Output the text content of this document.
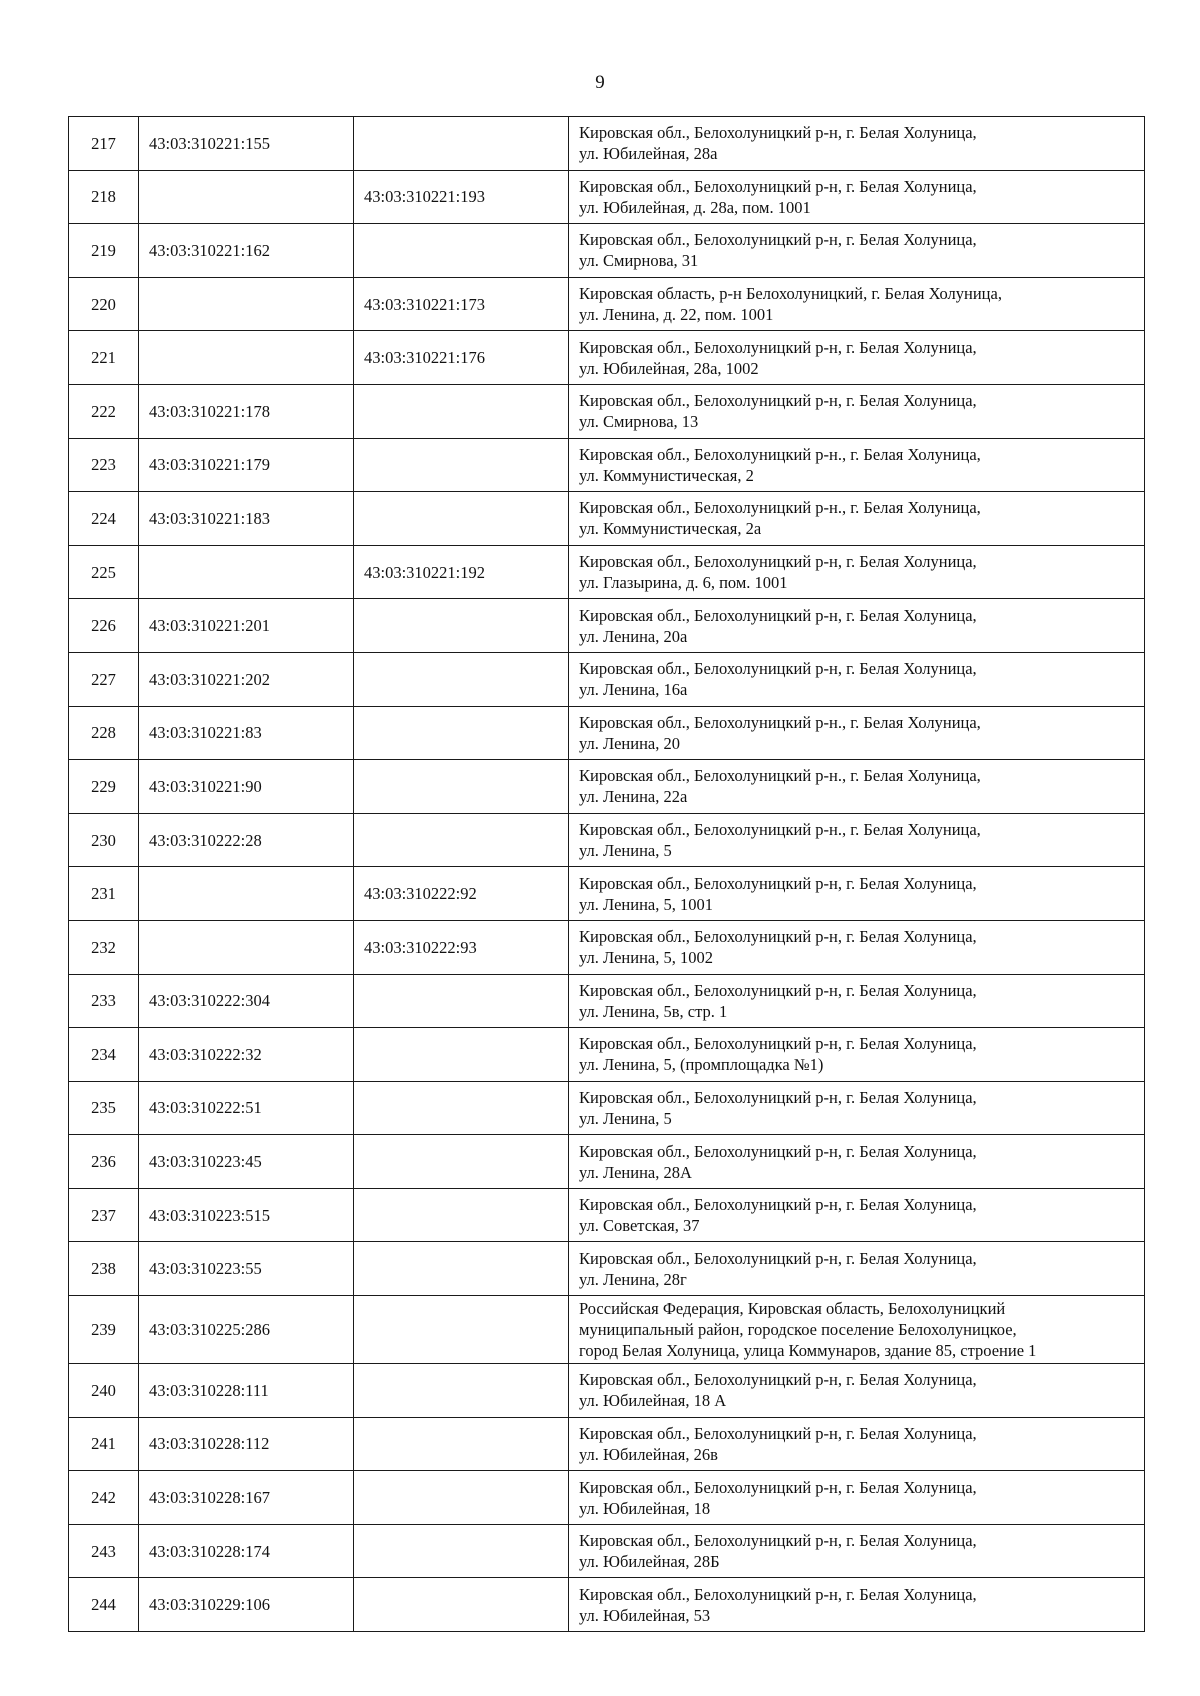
9
217	43:03:310221:155		Кировская обл., Белохолуницкий р-н, г. Белая Холуница,
ул. Юбилейная, 28а

218		43:03:310221:193	Кировская обл., Белохолуницкий р-н, г. Белая Холуница,
ул. Юбилейная, д. 28а, пом. 1001

219	43:03:310221:162		Кировская обл., Белохолуницкий р-н, г. Белая Холуница,
ул. Смирнова, 31

220		43:03:310221:173	Кировская область, р-н Белохолуницкий, г. Белая Холуница,
ул. Ленина, д. 22, пом. 1001

221		43:03:310221:176	Кировская обл., Белохолуницкий р-н, г. Белая Холуница,
ул. Юбилейная, 28а, 1002

222	43:03:310221:178		Кировская обл., Белохолуницкий р-н, г. Белая Холуница,
ул. Смирнова, 13

223	43:03:310221:179		Кировская обл., Белохолуницкий р-н., г. Белая Холуница,
ул. Коммунистическая, 2

224	43:03:310221:183		Кировская обл., Белохолуницкий р-н., г. Белая Холуница,
ул. Коммунистическая, 2а

225		43:03:310221:192	Кировская обл., Белохолуницкий р-н, г. Белая Холуница,
ул. Глазырина, д. 6, пом. 1001

226	43:03:310221:201		Кировская обл., Белохолуницкий р-н, г. Белая Холуница,
ул. Ленина, 20а

227	43:03:310221:202		Кировская обл., Белохолуницкий р-н, г. Белая Холуница,
ул. Ленина, 16а

228	43:03:310221:83		Кировская обл., Белохолуницкий р-н., г. Белая Холуница,
ул. Ленина, 20

229	43:03:310221:90		Кировская обл., Белохолуницкий р-н., г. Белая Холуница,
ул. Ленина, 22а

230	43:03:310222:28		Кировская обл., Белохолуницкий р-н., г. Белая Холуница,
ул. Ленина, 5

231		43:03:310222:92	Кировская обл., Белохолуницкий р-н, г. Белая Холуница,
ул. Ленина, 5, 1001

232		43:03:310222:93	Кировская обл., Белохолуницкий р-н, г. Белая Холуница,
ул. Ленина, 5, 1002

233	43:03:310222:304		Кировская обл., Белохолуницкий р-н, г. Белая Холуница,
ул. Ленина, 5в, стр. 1

234	43:03:310222:32		Кировская обл., Белохолуницкий р-н, г. Белая Холуница,
ул. Ленина, 5, (промплощадка №1)

235	43:03:310222:51		Кировская обл., Белохолуницкий р-н, г. Белая Холуница,
ул. Ленина, 5

236	43:03:310223:45		Кировская обл., Белохолуницкий р-н, г. Белая Холуница,
ул. Ленина, 28А

237	43:03:310223:515		Кировская обл., Белохолуницкий р-н, г. Белая Холуница,
ул. Советская, 37

238	43:03:310223:55		Кировская обл., Белохолуницкий р-н, г. Белая Холуница,
ул. Ленина, 28г

239	43:03:310225:286		Российская Федерация, Кировская область, Белохолуницкий
муниципальный район, городское поселение Белохолуницкое,
город Белая Холуница, улица Коммунаров, здание 85, строение 1

240	43:03:310228:111		Кировская обл., Белохолуницкий р-н, г. Белая Холуница,
ул. Юбилейная, 18 А

241	43:03:310228:112		Кировская обл., Белохолуницкий р-н, г. Белая Холуница,
ул. Юбилейная, 26в

242	43:03:310228:167		Кировская обл., Белохолуницкий р-н, г. Белая Холуница,
ул. Юбилейная, 18

243	43:03:310228:174		Кировская обл., Белохолуницкий р-н, г. Белая Холуница,
ул. Юбилейная, 28Б

244	43:03:310229:106		Кировская обл., Белохолуницкий р-н, г. Белая Холуница,
ул. Юбилейная, 53
